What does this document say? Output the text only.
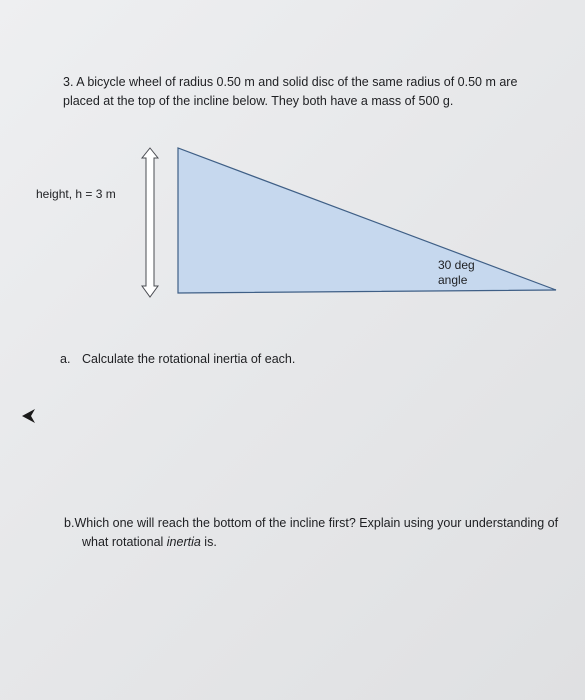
3. A bicycle wheel of radius 0.50 m and solid disc of the same radius of 0.50 m are
placed at the top of the incline below. They both have a mass of 500 g.
height, h = 3 m
30 deg
angle
a. Calculate the rotational inertia of each.
b.Which one will reach the bottom of the incline first? Explain using your understanding of
what rotational inertia is.
